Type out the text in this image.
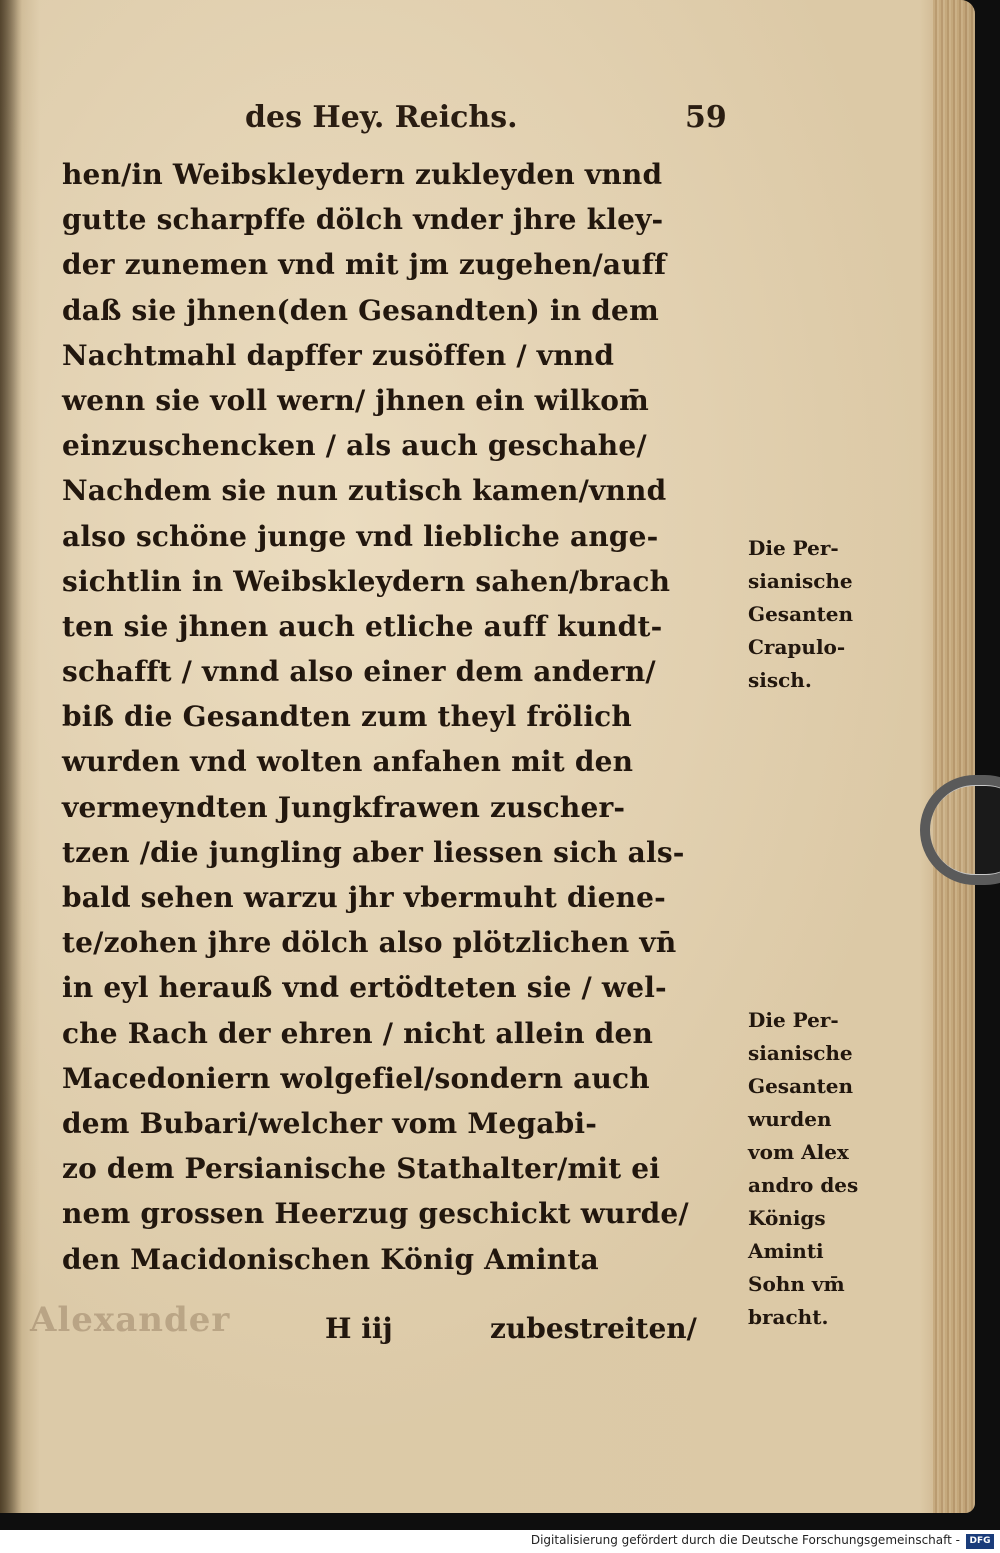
Alexander
des Hey. Reichs.	59
hen/in Weibskleydern zukleyden vnnd
gutte scharpffe dölch vnder jhre kley-
der zunemen vnd mit jm zugehen/auff
daß sie jhnen(den Gesandten) in dem
Nachtmahl dapffer zusöffen / vnnd
wenn sie voll wern/ jhnen ein wilkom̄
einzuschencken / als auch geschahe/
Nachdem sie nun zutisch kamen/vnnd
also schöne junge vnd liebliche ange-
sichtlin in Weibskleydern sahen/brach
ten sie jhnen auch etliche auff kundt-
schafft / vnnd also einer dem andern/
biß die Gesandten zum theyl frölich
wurden vnd wolten anfahen mit den
vermeyndten Jungkfrawen zuscher-
tzen /die jungling aber liessen sich als-
bald sehen warzu jhr vbermuht diene-
te/zohen jhre dölch also plötzlichen vn̄
in eyl herauß vnd ertödteten sie / wel-
che Rach der ehren / nicht allein den
Macedoniern wolgefiel/sondern auch
dem Bubari/welcher vom Megabi-
zo dem Persianische Stathalter/mit ei
nem grossen Heerzug geschickt wurde/
den Macidonischen König Aminta
H iij	zubestreiten/
Die Per-
sianische
Gesanten
Crapulo-
sisch.
Die Per-
sianische
Gesanten
wurden
vom Alex
andro des
Königs
Aminti
Sohn vm̄
bracht.
Digitalisierung gefördert durch die Deutsche Forschungsgemeinschaft -	DFG
